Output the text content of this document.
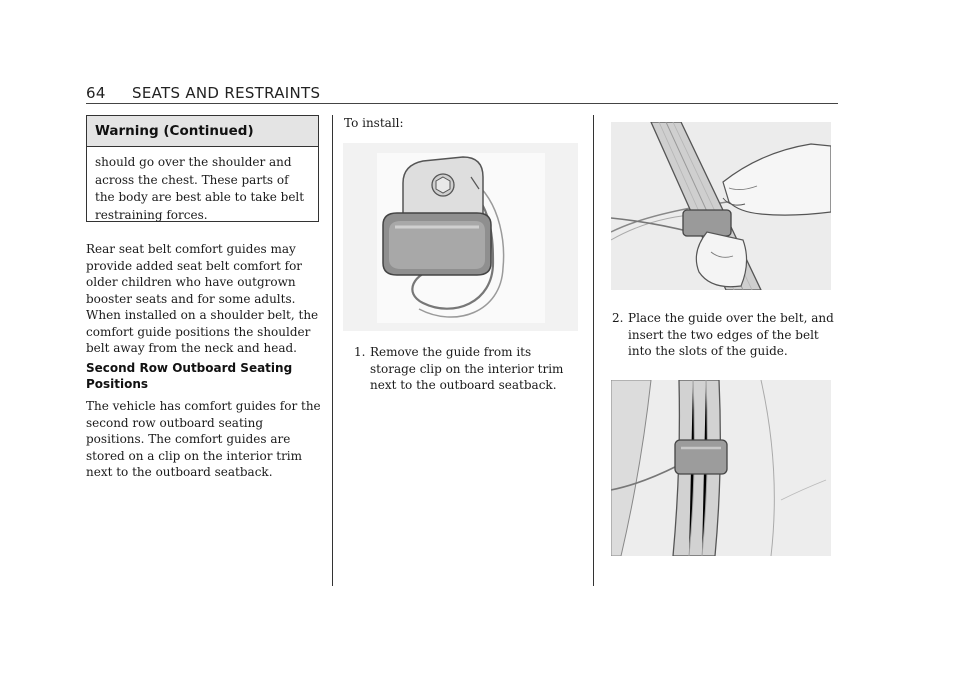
64 SEATS AND RESTRAINTS
Warning (Continued)
should go over the shoulder and across the chest. These parts of the body are best able to take belt restraining forces.
Rear seat belt comfort guides may provide added seat belt comfort for older children who have outgrown booster seats and for some adults. When installed on a shoulder belt, the comfort guide positions the shoulder belt away from the neck and head.
Second Row Outboard Seating Positions
The vehicle has comfort guides for the second row outboard seating positions. The comfort guides are stored on a clip on the interior trim next to the outboard seatback.
To install:
1. Remove the guide from its storage clip on the interior trim next to the outboard seatback.
2. Place the guide over the belt, and insert the two edges of the belt into the slots of the guide.
